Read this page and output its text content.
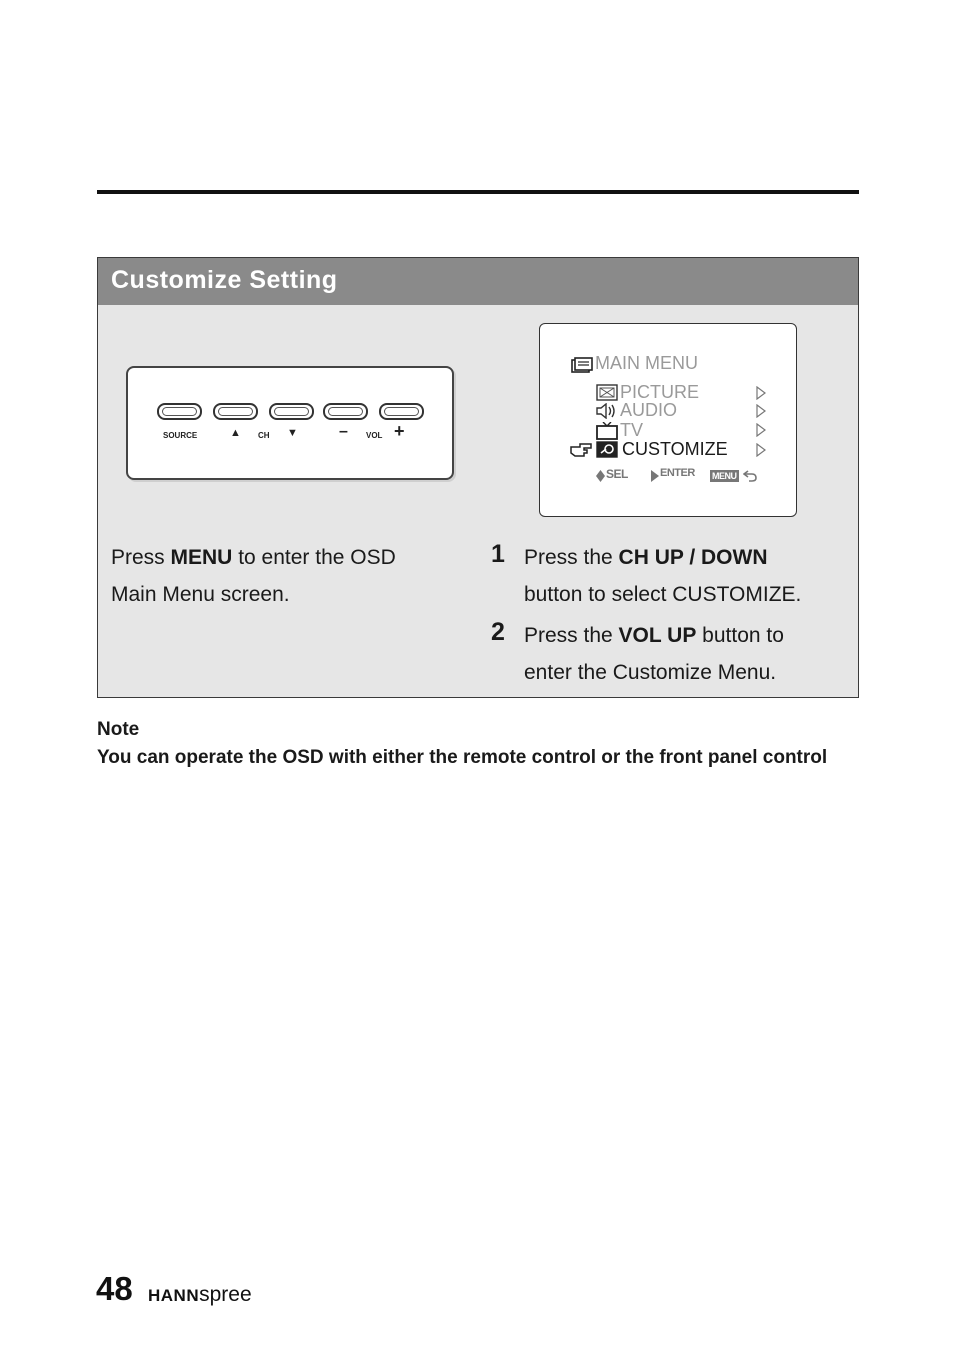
Customize Setting
SOURCE	▲ CH ▼	– VOL +
MAIN MENU
PICTURE
AUDIO
TV
CUSTOMIZE
SEL	ENTER MENU
Press MENU to enter the OSD
Main Menu screen.
1 Press the CH UP / DOWN
button to select CUSTOMIZE.
2 Press the VOL UP button to
enter the Customize Menu.
Note
You can operate the OSD with either the remote control or the front panel control
48 HANNspree
